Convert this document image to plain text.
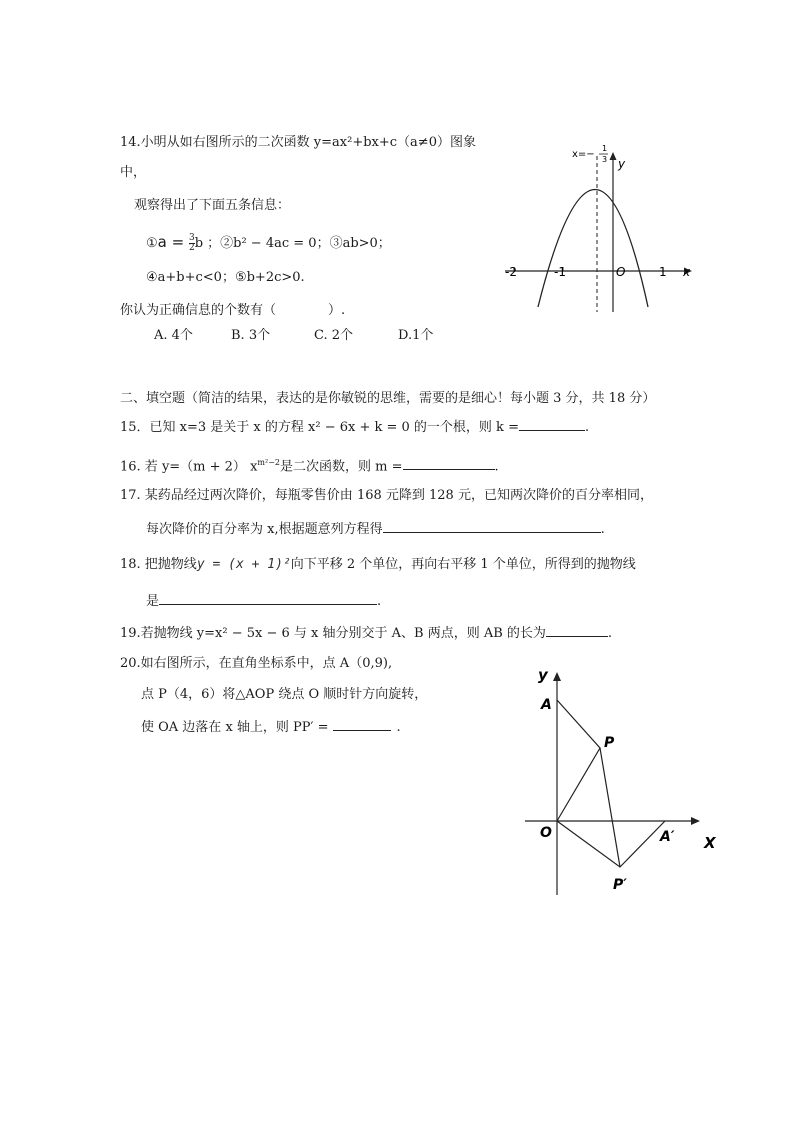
14.小明从如右图所示的二次函数 y=ax²+bx+c（a≠0）图象
中，
观察得出了下面五条信息：
①a = $\frac{3}{2}$ b ；②b² − 4ac = 0；③ab>0；
④a+b+c<0；⑤b+2c>0.
你认为正确信息的个数有（　　　　）.
A. 4个	B. 3个	C. 2个	D.1个
-2	-1	1
O	x
y
x=−
1
3
二、填空题（简洁的结果，表达的是你敏锐的思维，需要的是细心！每小题 3 分，共 18 分）
15．已知 x=3 是关于 x 的方程 x² − 6x + k = 0 的一个根，则 k =	.
16. 若 y=（m + 2） $x^{m^2-2}$是二次函数，则 m =	.
17. 某药品经过两次降价，每瓶零售价由 168 元降到 128 元，已知两次降价的百分率相同，
每次降价的百分率为 x,根据题意列方程得	.
18. 把抛物线y = (x + 1)²向下平移 2 个单位，再向右平移 1 个单位，所得到的抛物线
是	.
19.若抛物线 y=x² − 5x − 6 与 x 轴分别交于 A、B 两点，则 AB 的长为	.
20.如右图所示，在直角坐标系中，点 A（0,9),
点 P（4，6）将△AOP 绕点 O 顺时针方向旋转，
使 OA 边落在 x 轴上，则 PP′ =	.
y
X
A
P
O	A′
P′
